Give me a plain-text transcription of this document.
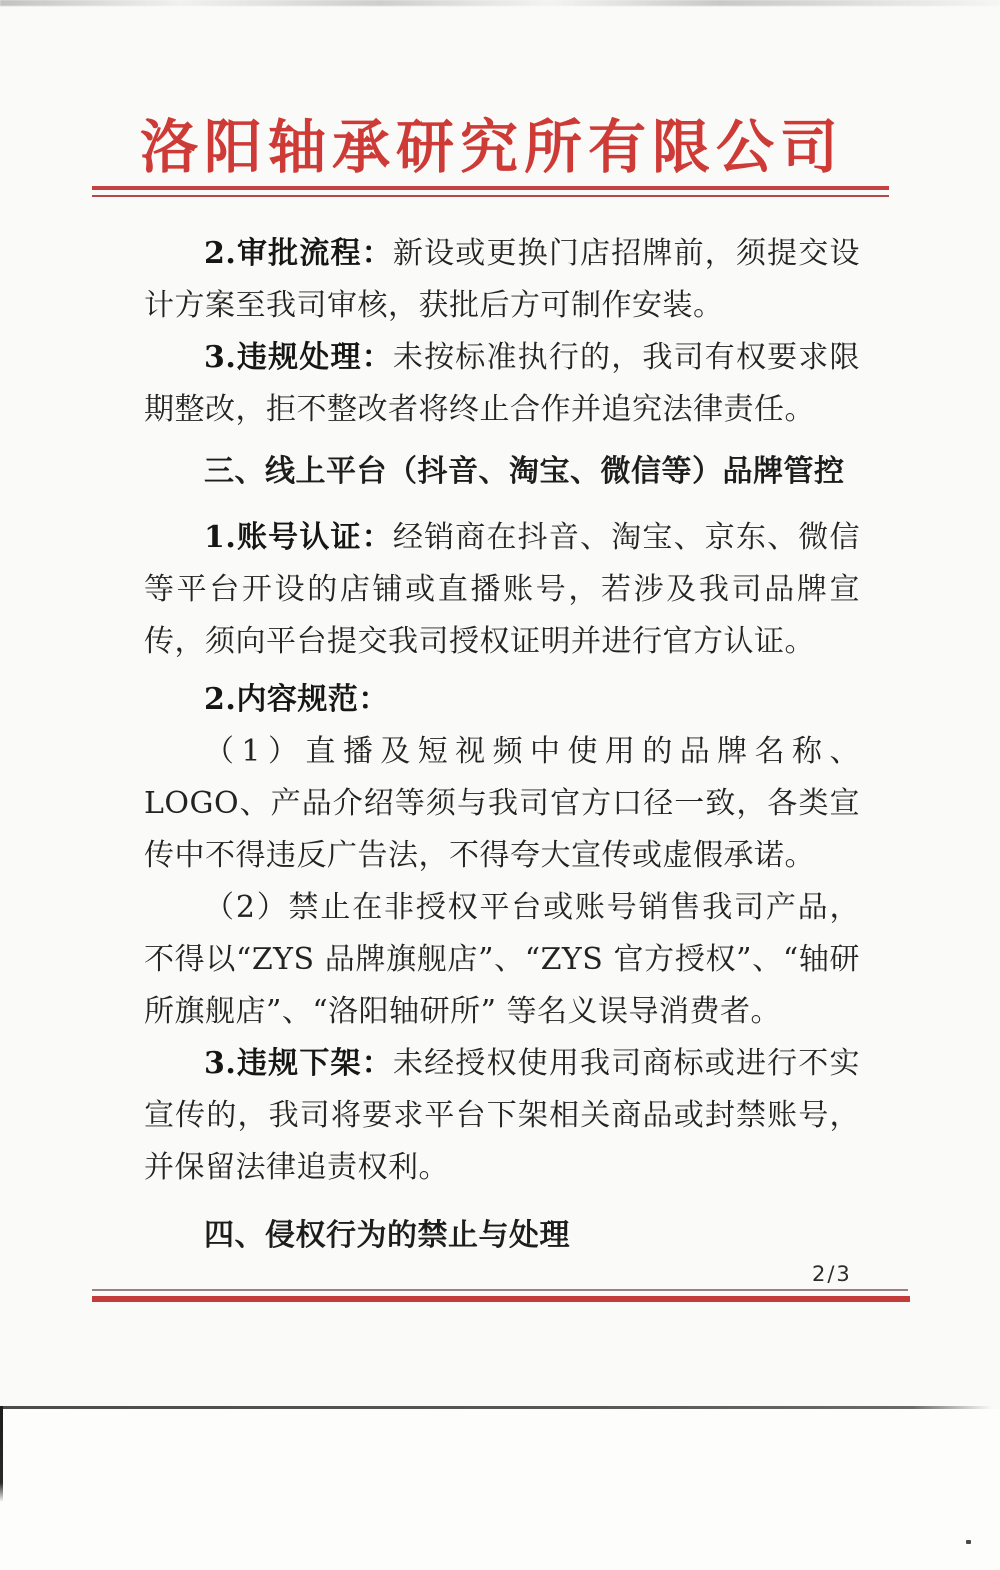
洛阳轴承研究所有限公司

2.审批流程：新设或更换门店招牌前，须提交设计方案至我司审核，获批后方可制作安装。

3.违规处理：未按标准执行的，我司有权要求限期整改，拒不整改者将终止合作并追究法律责任。

三、线上平台（抖音、淘宝、微信等）品牌管控

1.账号认证：经销商在抖音、淘宝、京东、微信等平台开设的店铺或直播账号，若涉及我司品牌宣传，须向平台提交我司授权证明并进行官方认证。

2.内容规范：

（1）直播及短视频中使用的品牌名称、LOGO、产品介绍等须与我司官方口径一致，各类宣传中不得违反广告法，不得夸大宣传或虚假承诺。

（2）禁止在非授权平台或账号销售我司产品，不得以“ZYS 品牌旗舰店”、“ZYS 官方授权”、“轴研所旗舰店”、“洛阳轴研所” 等名义误导消费者。

3.违规下架：未经授权使用我司商标或进行不实宣传的，我司将要求平台下架相关商品或封禁账号，并保留法律追责权利。

四、侵权行为的禁止与处理

2/3
